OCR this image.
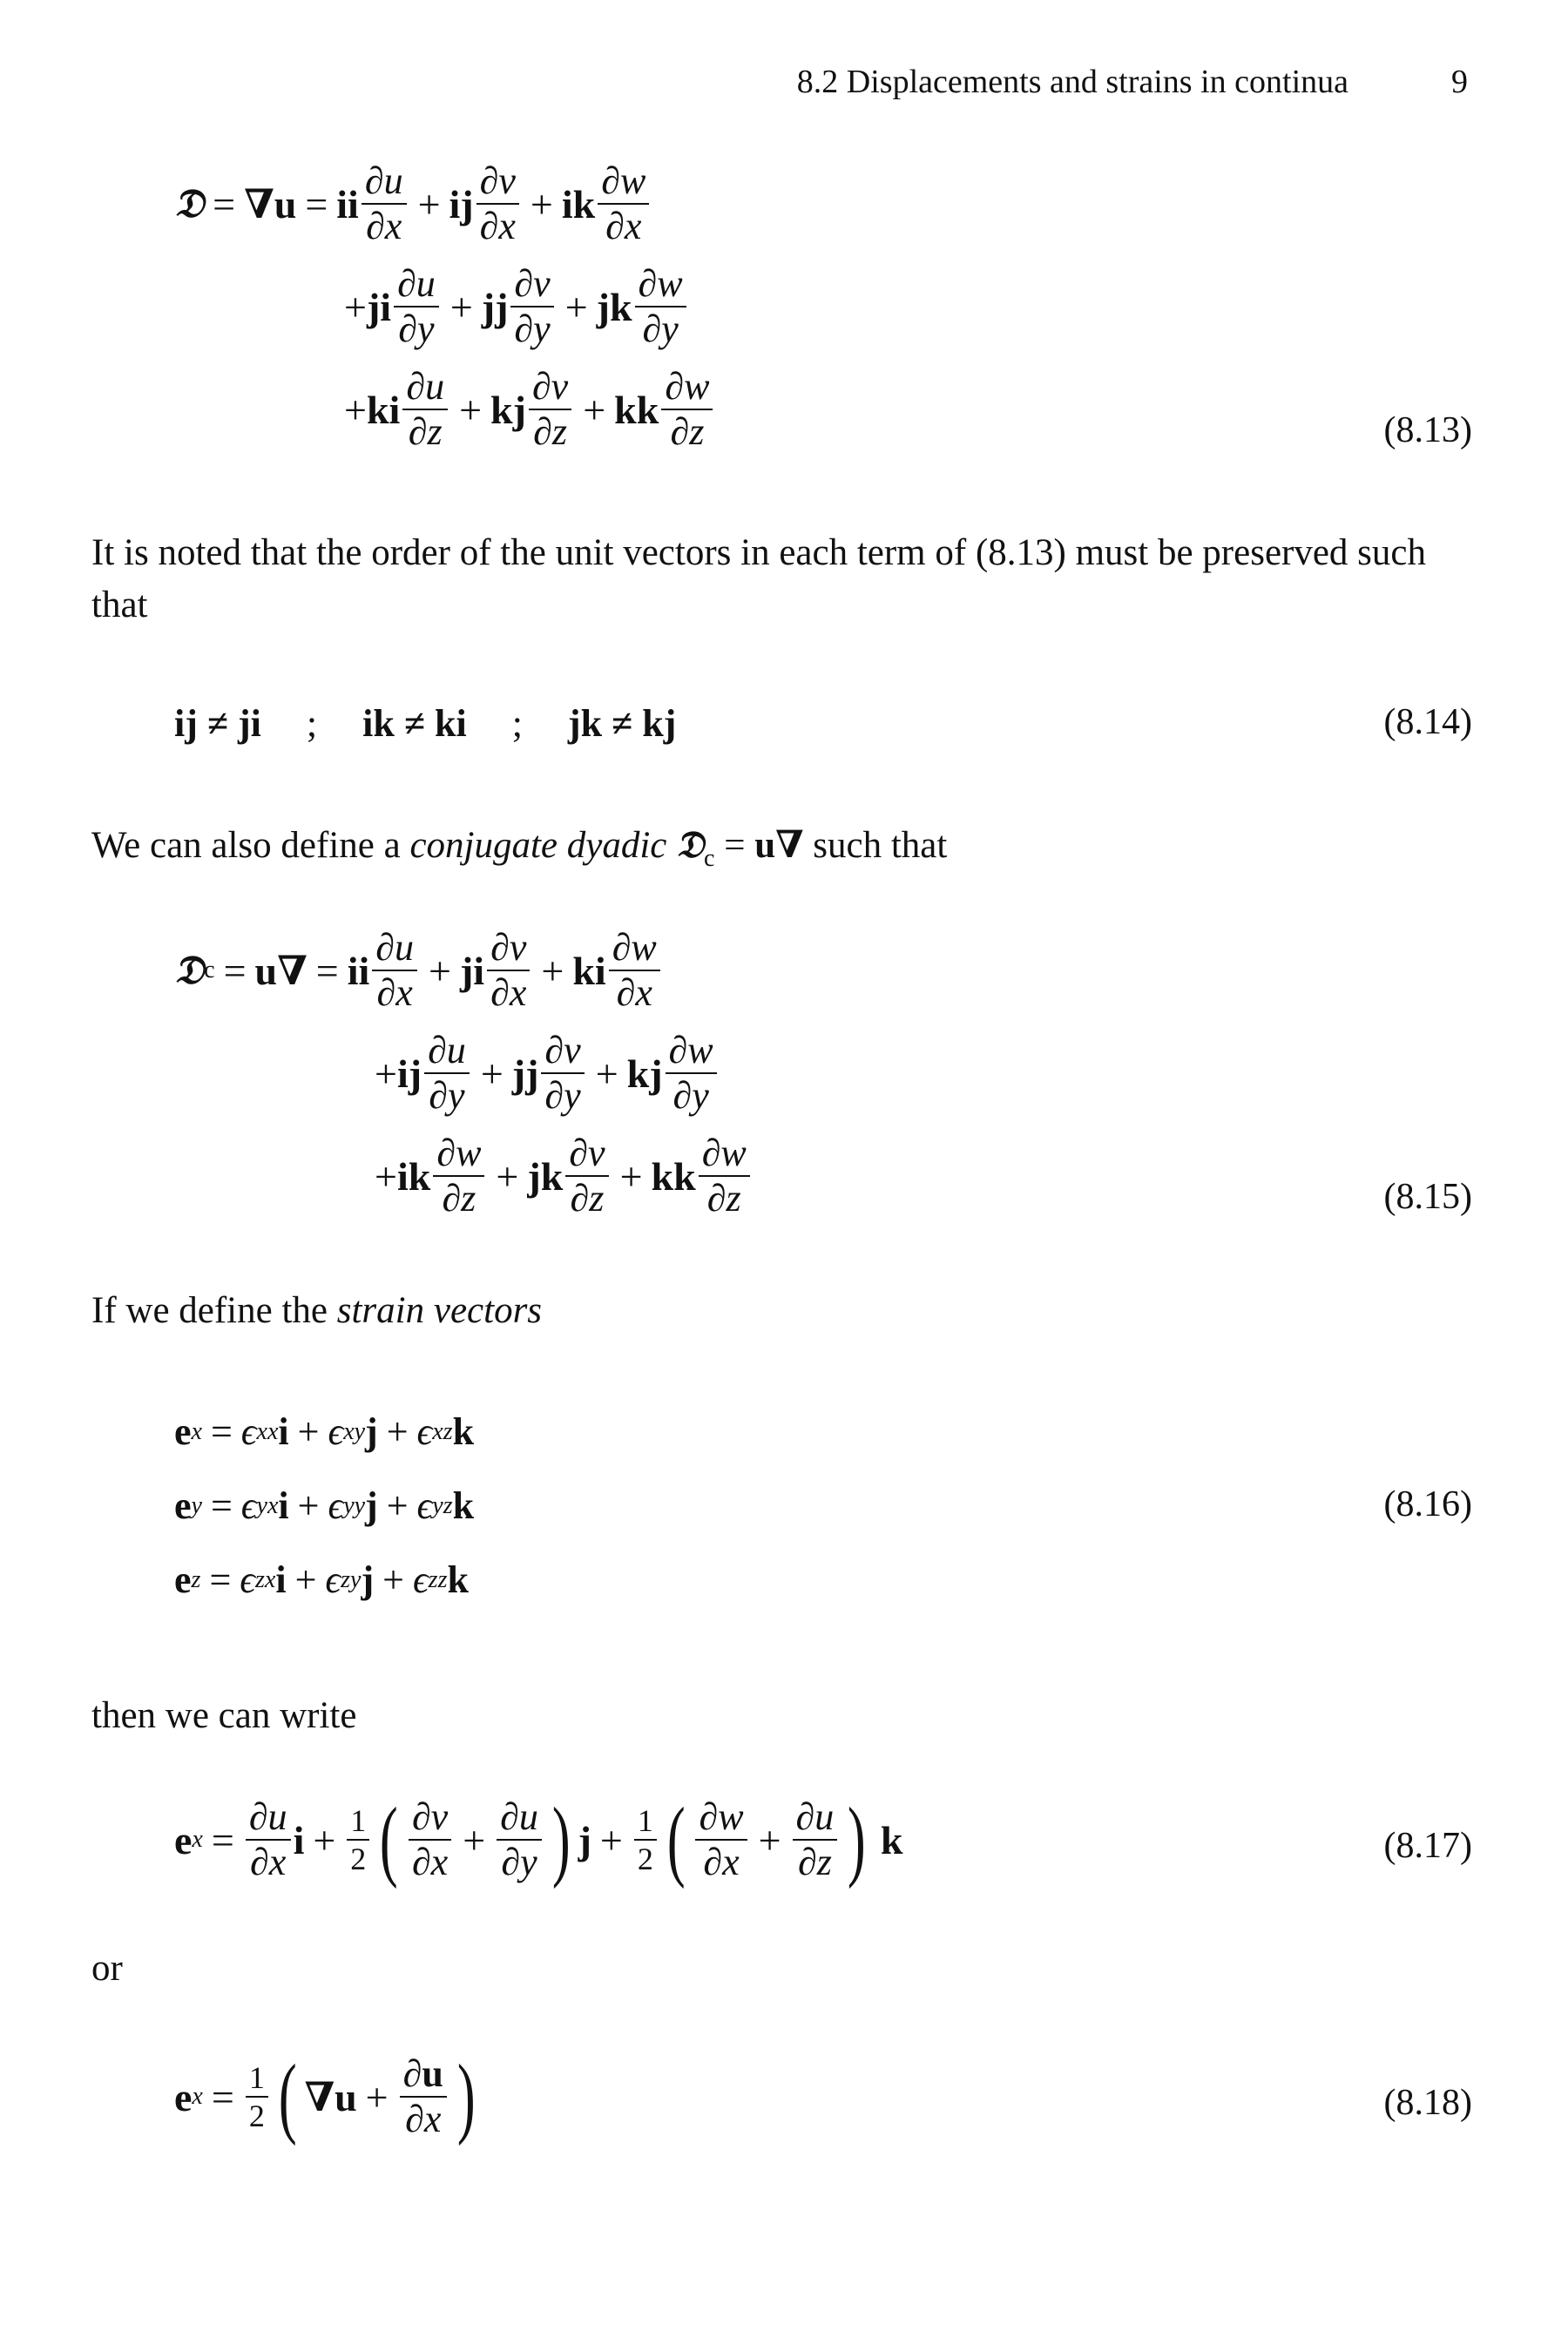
8.2 Displacements and strains in continua	9
𝔇 = ∇u = ii $\frac{\partial u}{\partial x}$ + ij $\frac{\partial v}{\partial x}$ + ik $\frac{\partial w}{\partial x}$
+ ji $\frac{\partial u}{\partial y}$ + jj $\frac{\partial v}{\partial y}$ + jk $\frac{\partial w}{\partial y}$
+ ki $\frac{\partial u}{\partial z}$ + kj $\frac{\partial v}{\partial z}$ + kk $\frac{\partial w}{\partial z}$	(8.13)

It is noted that the order of the unit vectors in each term of (8.13) must be preserved such that

ij ≠ ji ; ik ≠ ki ; jk ≠ kj	(8.14)

We can also define a conjugate dyadic 𝔇$_c$ = u∇ such that

𝔇 c = u∇ = ii $\frac{\partial u}{\partial x}$ + ji $\frac{\partial v}{\partial x}$ + ki $\frac{\partial w}{\partial x}$
+ ij $\frac{\partial u}{\partial y}$ + jj $\frac{\partial v}{\partial y}$ + kj $\frac{\partial w}{\partial y}$
+ ik $\frac{\partial w}{\partial z}$ + jk $\frac{\partial v}{\partial z}$ + kk $\frac{\partial w}{\partial z}$	(8.15)

If we define the strain vectors

e x = ϵ xx i + ϵ xy j + ϵ xz k
e y = ϵ yx i + ϵ yy j + ϵ yz k
e z = ϵ zx i + ϵ zy j + ϵ zz k
(8.16)

then we can write

e $x = \frac{\partial u}{\partial x}$ $i + \frac{1}{2}$ ( $\frac{\partial v}{\partial x} + \frac{\partial u}{\partial y}$ ) $j + \frac{1}{2}$ ( $\frac{\partial w}{\partial x} + \frac{\partial u}{\partial z}$ ) k	(8.17)

or

e $x = \frac{1}{2}$ ( $\nabla u + \frac{\partial u}{\partial x}$ )	(8.18)
